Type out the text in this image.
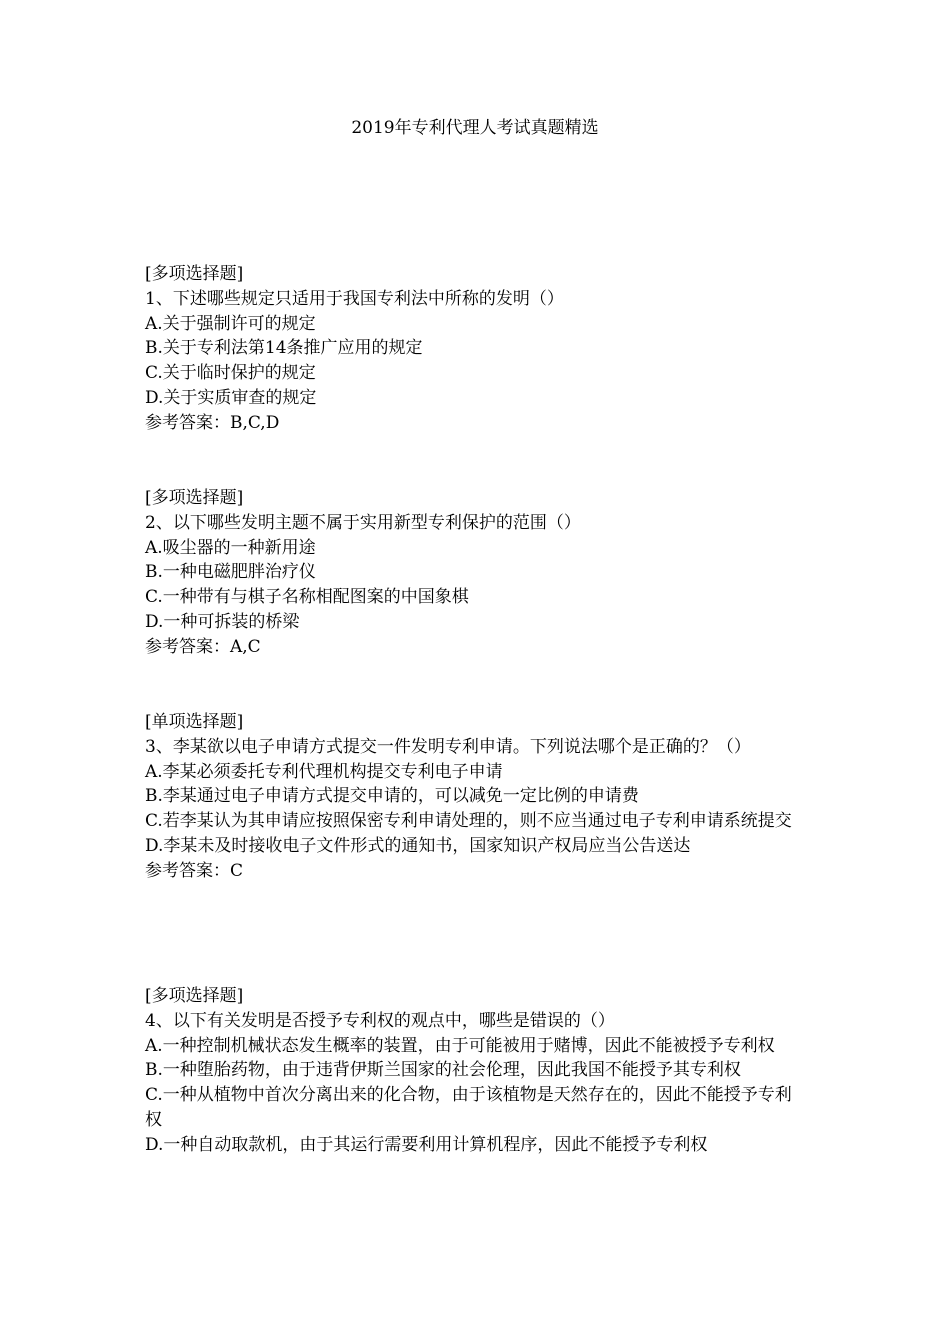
2019年专利代理人考试真题精选
[多项选择题]
1、下述哪些规定只适用于我国专利法中所称的发明（）
A.关于强制许可的规定
B.关于专利法第14条推广应用的规定
C.关于临时保护的规定
D.关于实质审查的规定
参考答案：B,C,D
[多项选择题]
2、以下哪些发明主题不属于实用新型专利保护的范围（）
A.吸尘器的一种新用途
B.一种电磁肥胖治疗仪
C.一种带有与棋子名称相配图案的中国象棋
D.一种可拆装的桥梁
参考答案：A,C
[单项选择题]
3、李某欲以电子申请方式提交一件发明专利申请。下列说法哪个是正确的？（）
A.李某必须委托专利代理机构提交专利电子申请
B.李某通过电子申请方式提交申请的，可以减免一定比例的申请费
C.若李某认为其申请应按照保密专利申请处理的，则不应当通过电子专利申请系统提交
D.李某未及时接收电子文件形式的通知书，国家知识产权局应当公告送达
参考答案：C
[多项选择题]
4、以下有关发明是否授予专利权的观点中，哪些是错误的（）
A.一种控制机械状态发生概率的装置，由于可能被用于赌博，因此不能被授予专利权
B.一种堕胎药物，由于违背伊斯兰国家的社会伦理，因此我国不能授予其专利权
C.一种从植物中首次分离出来的化合物，由于该植物是天然存在的，因此不能授予专利权
D.一种自动取款机，由于其运行需要利用计算机程序，因此不能授予专利权
